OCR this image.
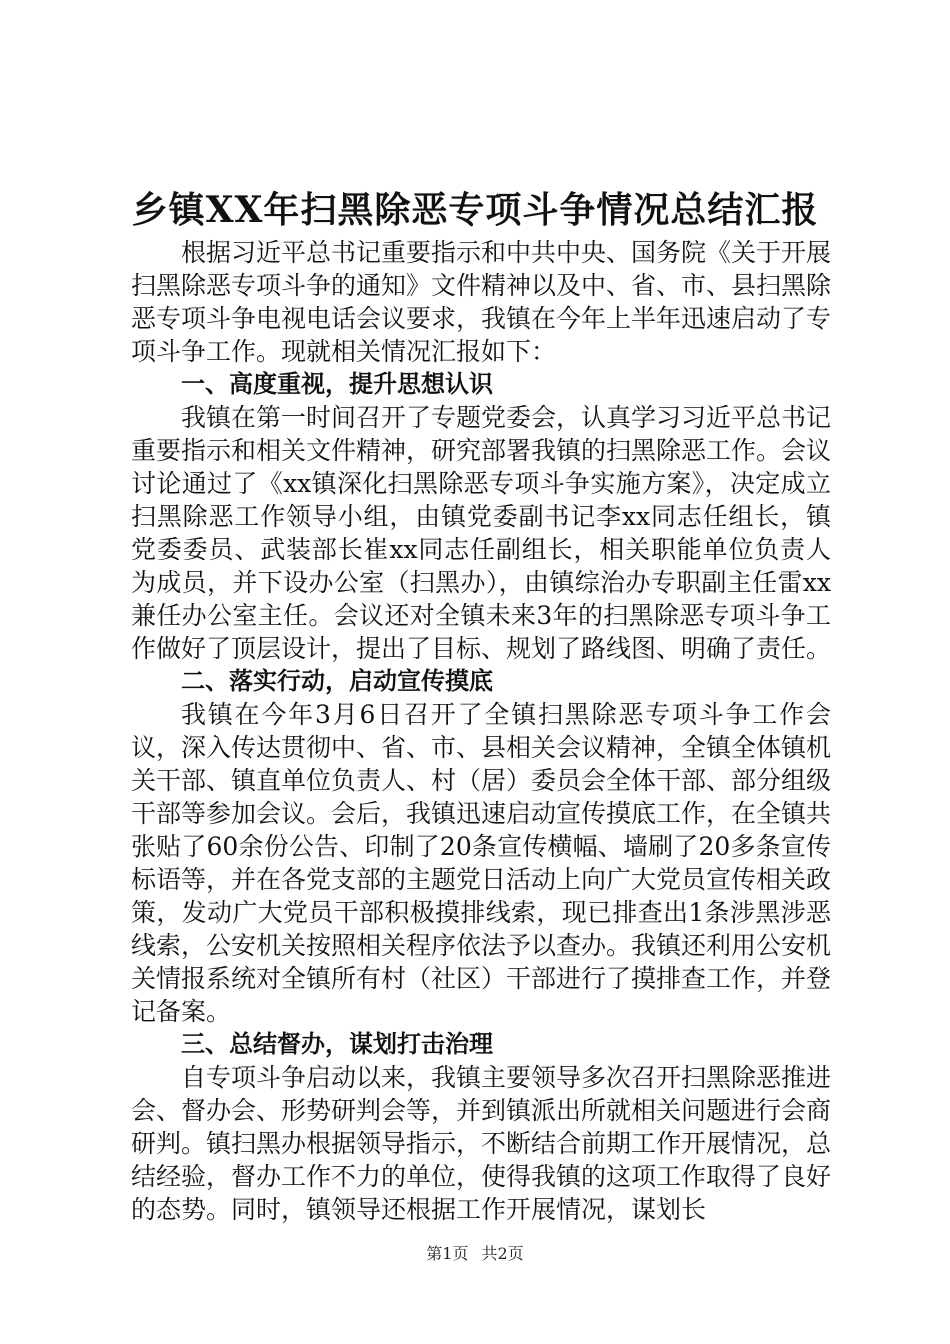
乡镇XX年扫黑除恶专项斗争情况总结汇报

根据习近平总书记重要指示和中共中央、国务院《关于开展扫黑除恶专项斗争的通知》文件精神以及中、省、市、县扫黑除恶专项斗争电视电话会议要求，我镇在今年上半年迅速启动了专项斗争工作。现就相关情况汇报如下：

一、高度重视，提升思想认识

我镇在第一时间召开了专题党委会，认真学习习近平总书记重要指示和相关文件精神，研究部署我镇的扫黑除恶工作。会议讨论通过了《xx镇深化扫黑除恶专项斗争实施方案》，决定成立扫黑除恶工作领导小组，由镇党委副书记李xx同志任组长，镇党委委员、武装部长崔xx同志任副组长，相关职能单位负责人为成员，并下设办公室（扫黑办），由镇综治办专职副主任雷xx兼任办公室主任。会议还对全镇未来3年的扫黑除恶专项斗争工作做好了顶层设计，提出了目标、规划了路线图、明确了责任。

二、落实行动，启动宣传摸底

我镇在今年3月6日召开了全镇扫黑除恶专项斗争工作会议，深入传达贯彻中、省、市、县相关会议精神，全镇全体镇机关干部、镇直单位负责人、村（居）委员会全体干部、部分组级干部等参加会议。会后，我镇迅速启动宣传摸底工作，在全镇共张贴了60余份公告、印制了20条宣传横幅、墙刷了20多条宣传标语等，并在各党支部的主题党日活动上向广大党员宣传相关政策，发动广大党员干部积极摸排线索，现已排查出1条涉黑涉恶线索，公安机关按照相关程序依法予以查办。我镇还利用公安机关情报系统对全镇所有村（社区）干部进行了摸排查工作，并登记备案。

三、总结督办，谋划打击治理

自专项斗争启动以来，我镇主要领导多次召开扫黑除恶推进会、督办会、形势研判会等，并到镇派出所就相关问题进行会商研判。镇扫黑办根据领导指示，不断结合前期工作开展情况，总结经验，督办工作不力的单位，使得我镇的这项工作取得了良好的态势。同时，镇领导还根据工作开展情况，谋划长

第1页 共2页
